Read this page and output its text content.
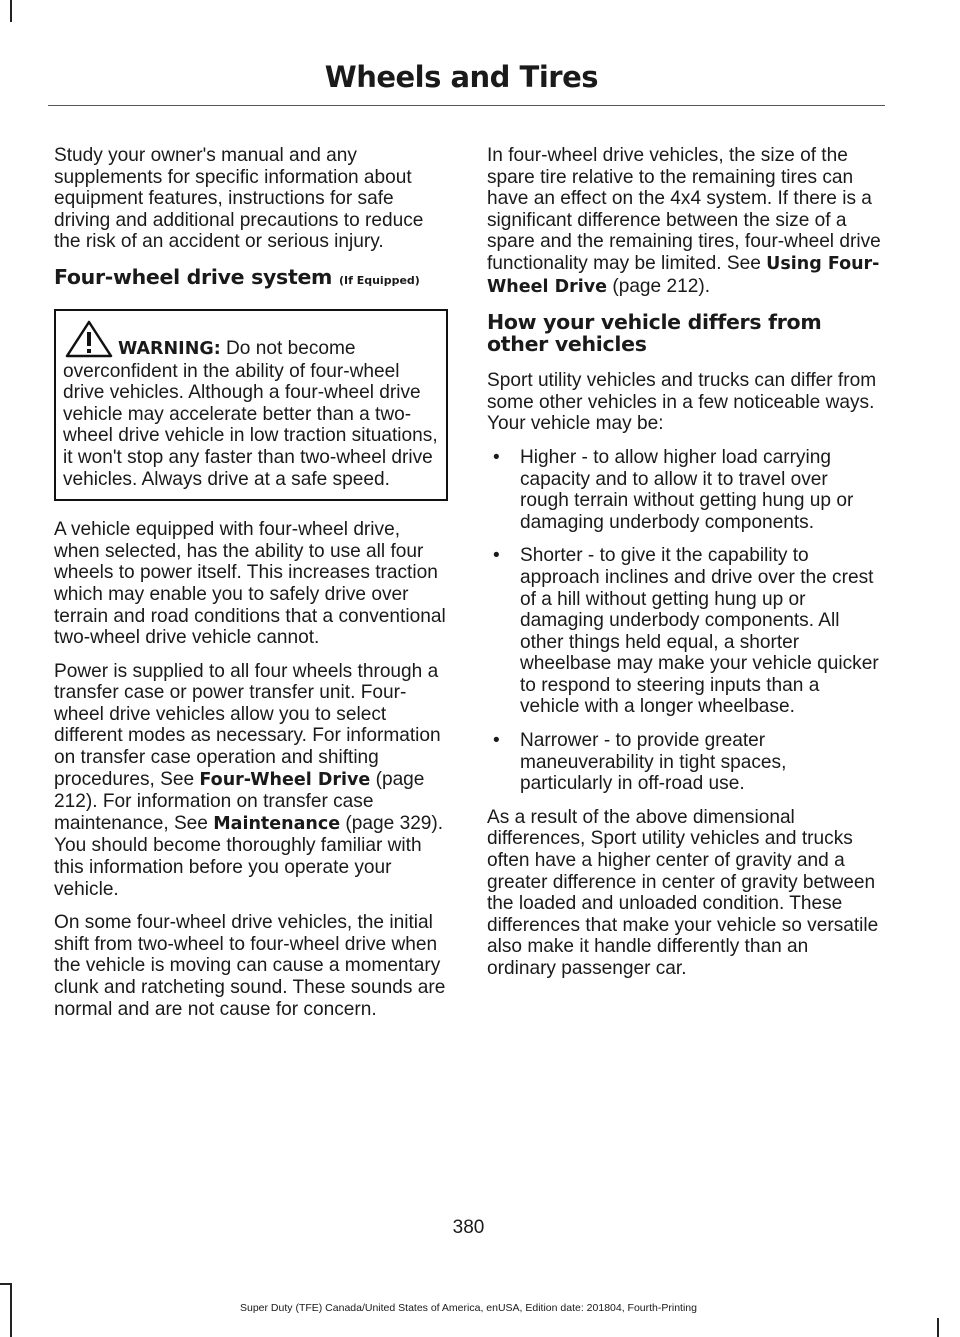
Wheels and Tires

Study your owner's manual and any supplements for specific information about equipment features, instructions for safe driving and additional precautions to reduce the risk of an accident or serious injury.

Four-wheel drive system (If Equipped)

WARNING: Do not become overconfident in the ability of four-wheel drive vehicles. Although a four-wheel drive vehicle may accelerate better than a two-wheel drive vehicle in low traction situations, it won't stop any faster than two-wheel drive vehicles. Always drive at a safe speed.

A vehicle equipped with four-wheel drive, when selected, has the ability to use all four wheels to power itself. This increases traction which may enable you to safely drive over terrain and road conditions that a conventional two-wheel drive vehicle cannot.

Power is supplied to all four wheels through a transfer case or power transfer unit. Four-wheel drive vehicles allow you to select different modes as necessary. For information on transfer case operation and shifting procedures, See Four-Wheel Drive (page 212). For information on transfer case maintenance, See Maintenance (page 329). You should become thoroughly familiar with this information before you operate your vehicle.

On some four-wheel drive vehicles, the initial shift from two-wheel to four-wheel drive when the vehicle is moving can cause a momentary clunk and ratcheting sound. These sounds are normal and are not cause for concern.

In four-wheel drive vehicles, the size of the spare tire relative to the remaining tires can have an effect on the 4x4 system. If there is a significant difference between the size of a spare and the remaining tires, four-wheel drive functionality may be limited. See Using Four-Wheel Drive (page 212).

How your vehicle differs from other vehicles

Sport utility vehicles and trucks can differ from some other vehicles in a few noticeable ways. Your vehicle may be:

• Higher - to allow higher load carrying capacity and to allow it to travel over rough terrain without getting hung up or damaging underbody components.
• Shorter - to give it the capability to approach inclines and drive over the crest of a hill without getting hung up or damaging underbody components. All other things held equal, a shorter wheelbase may make your vehicle quicker to respond to steering inputs than a vehicle with a longer wheelbase.
• Narrower - to provide greater maneuverability in tight spaces, particularly in off-road use.

As a result of the above dimensional differences, Sport utility vehicles and trucks often have a higher center of gravity and a greater difference in center of gravity between the loaded and unloaded condition. These differences that make your vehicle so versatile also make it handle differently than an ordinary passenger car.

380
Super Duty (TFE) Canada/United States of America, enUSA, Edition date: 201804, Fourth-Printing
